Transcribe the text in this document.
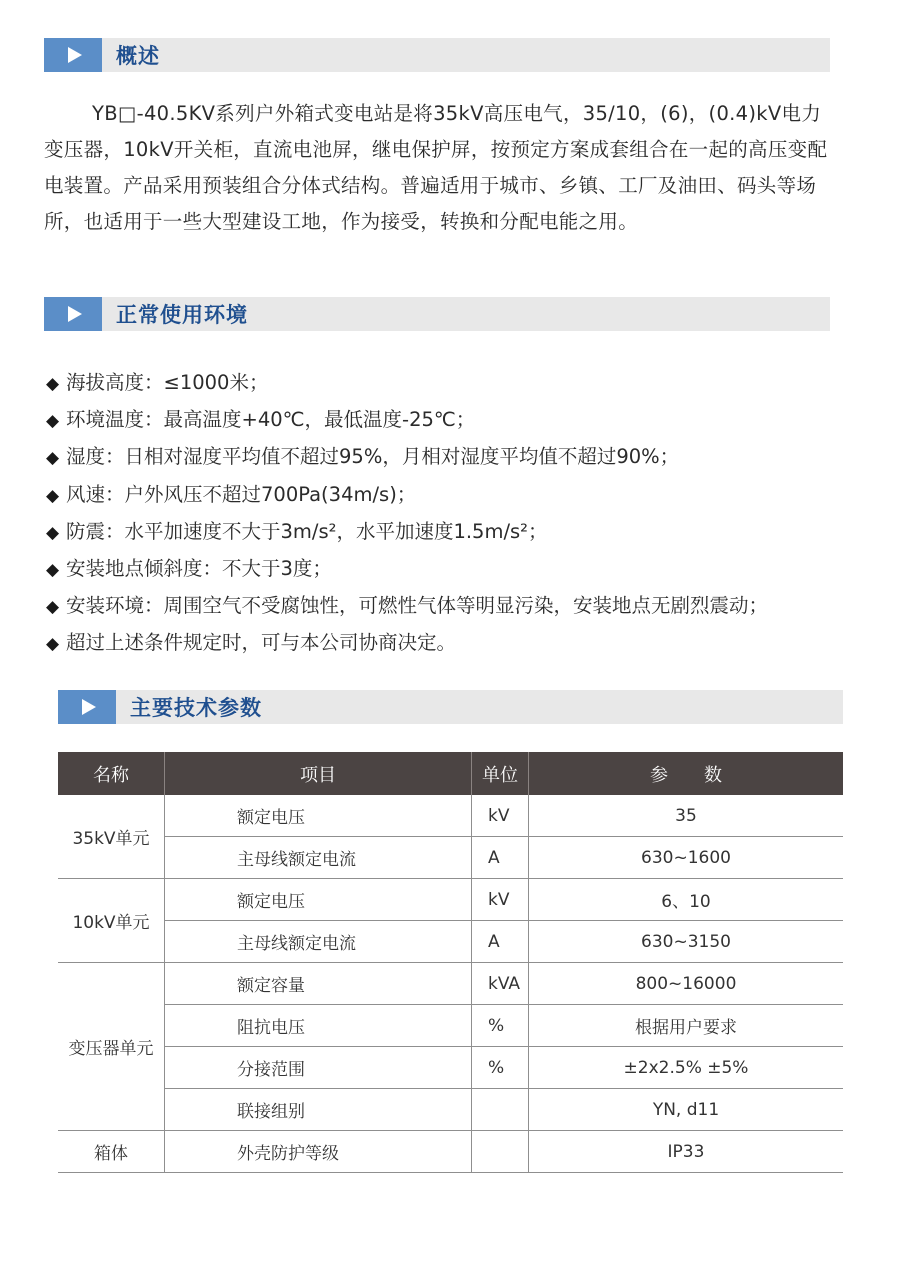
概述
YB□-40.5KV系列户外箱式变电站是将35kV高压电气，35/10，(6)，(0.4)kV电力变压器，10kV开关柜，直流电池屏，继电保护屏，按预定方案成套组合在一起的高压变配电装置。产品采用预装组合分体式结构。普遍适用于城市、乡镇、工厂及油田、码头等场所，也适用于一些大型建设工地，作为接受，转换和分配电能之用。
正常使用环境
◆ 海拔高度：≤1000米；
◆ 环境温度：最高温度+40℃，最低温度-25℃；
◆ 湿度：日相对湿度平均值不超过95%，月相对湿度平均值不超过90%；
◆ 风速：户外风压不超过700Pa(34m/s)；
◆ 防震：水平加速度不大于3m/s²，水平加速度1.5m/s²；
◆ 安装地点倾斜度：不大于3度；
◆ 安装环境：周围空气不受腐蚀性，可燃性气体等明显污染，安装地点无剧烈震动；
◆ 超过上述条件规定时，可与本公司协商决定。
主要技术参数
名称	项目	单位	参　　数
35kV单元	额定电压	kV	35
	主母线额定电流	A	630~1600
10kV单元	额定电压	kV	6、10
	主母线额定电流	A	630~3150
变压器单元	额定容量	kVA	800~16000
	阻抗电压	%	根据用户要求
	分接范围	%	±2x2.5% ±5%
	联接组别		YN, d11
箱体	外壳防护等级		IP33
